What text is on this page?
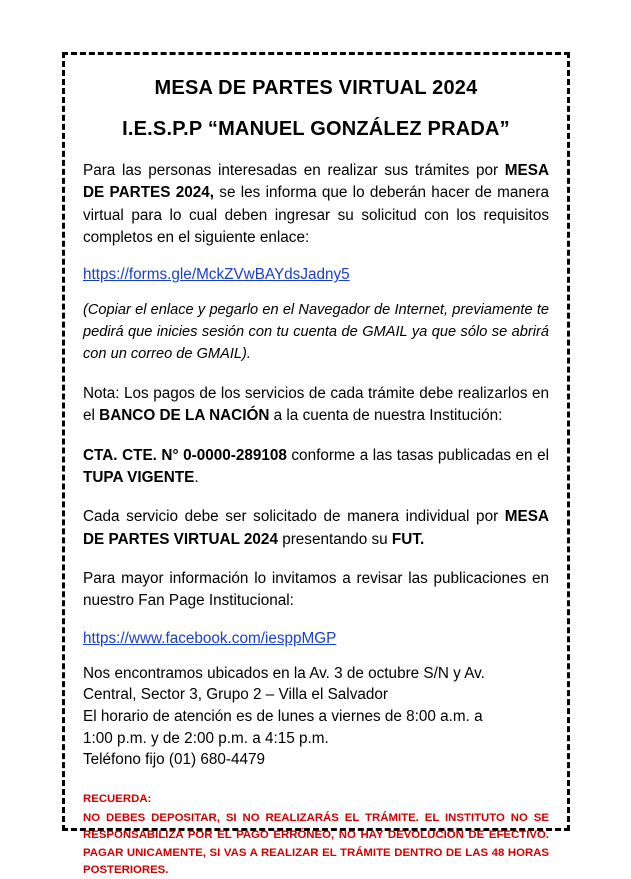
MESA DE PARTES VIRTUAL 2024
I.E.S.P.P “MANUEL GONZÁLEZ PRADA”

Para las personas interesadas en realizar sus trámites por MESA DE PARTES 2024, se les informa que lo deberán hacer de manera virtual para lo cual deben ingresar su solicitud con los requisitos completos en el siguiente enlace:

https://forms.gle/MckZVwBAYdsJadny5

(Copiar el enlace y pegarlo en el Navegador de Internet, previamente te pedirá que inicies sesión con tu cuenta de GMAIL ya que sólo se abrirá con un correo de GMAIL).

Nota: Los pagos de los servicios de cada trámite debe realizarlos en el BANCO DE LA NACIÓN a la cuenta de nuestra Institución:

CTA. CTE. N° 0-0000-289108 conforme a las tasas publicadas en el TUPA VIGENTE.

Cada servicio debe ser solicitado de manera individual por MESA DE PARTES VIRTUAL 2024 presentando su FUT.

Para mayor información lo invitamos a revisar las publicaciones en nuestro Fan Page Institucional:

https://www.facebook.com/iesppMGP

Nos encontramos ubicados en la Av. 3 de octubre S/N y Av.
Central, Sector 3, Grupo 2 – Villa el Salvador
El horario de atención es de lunes a viernes de 8:00 a.m. a
1:00 p.m. y de 2:00 p.m. a 4:15 p.m.
Teléfono fijo (01) 680-4479

RECUERDA:
NO DEBES DEPOSITAR, SI NO REALIZARÁS EL TRÁMITE. EL INSTITUTO NO SE RESPONSABILIZA POR EL PAGO ERRÓNEO, NO HAY DEVOLUCIÓN DE EFECTIVO. PAGAR UNICAMENTE, SI VAS A REALIZAR EL TRÁMITE DENTRO DE LAS 48 HORAS POSTERIORES.
